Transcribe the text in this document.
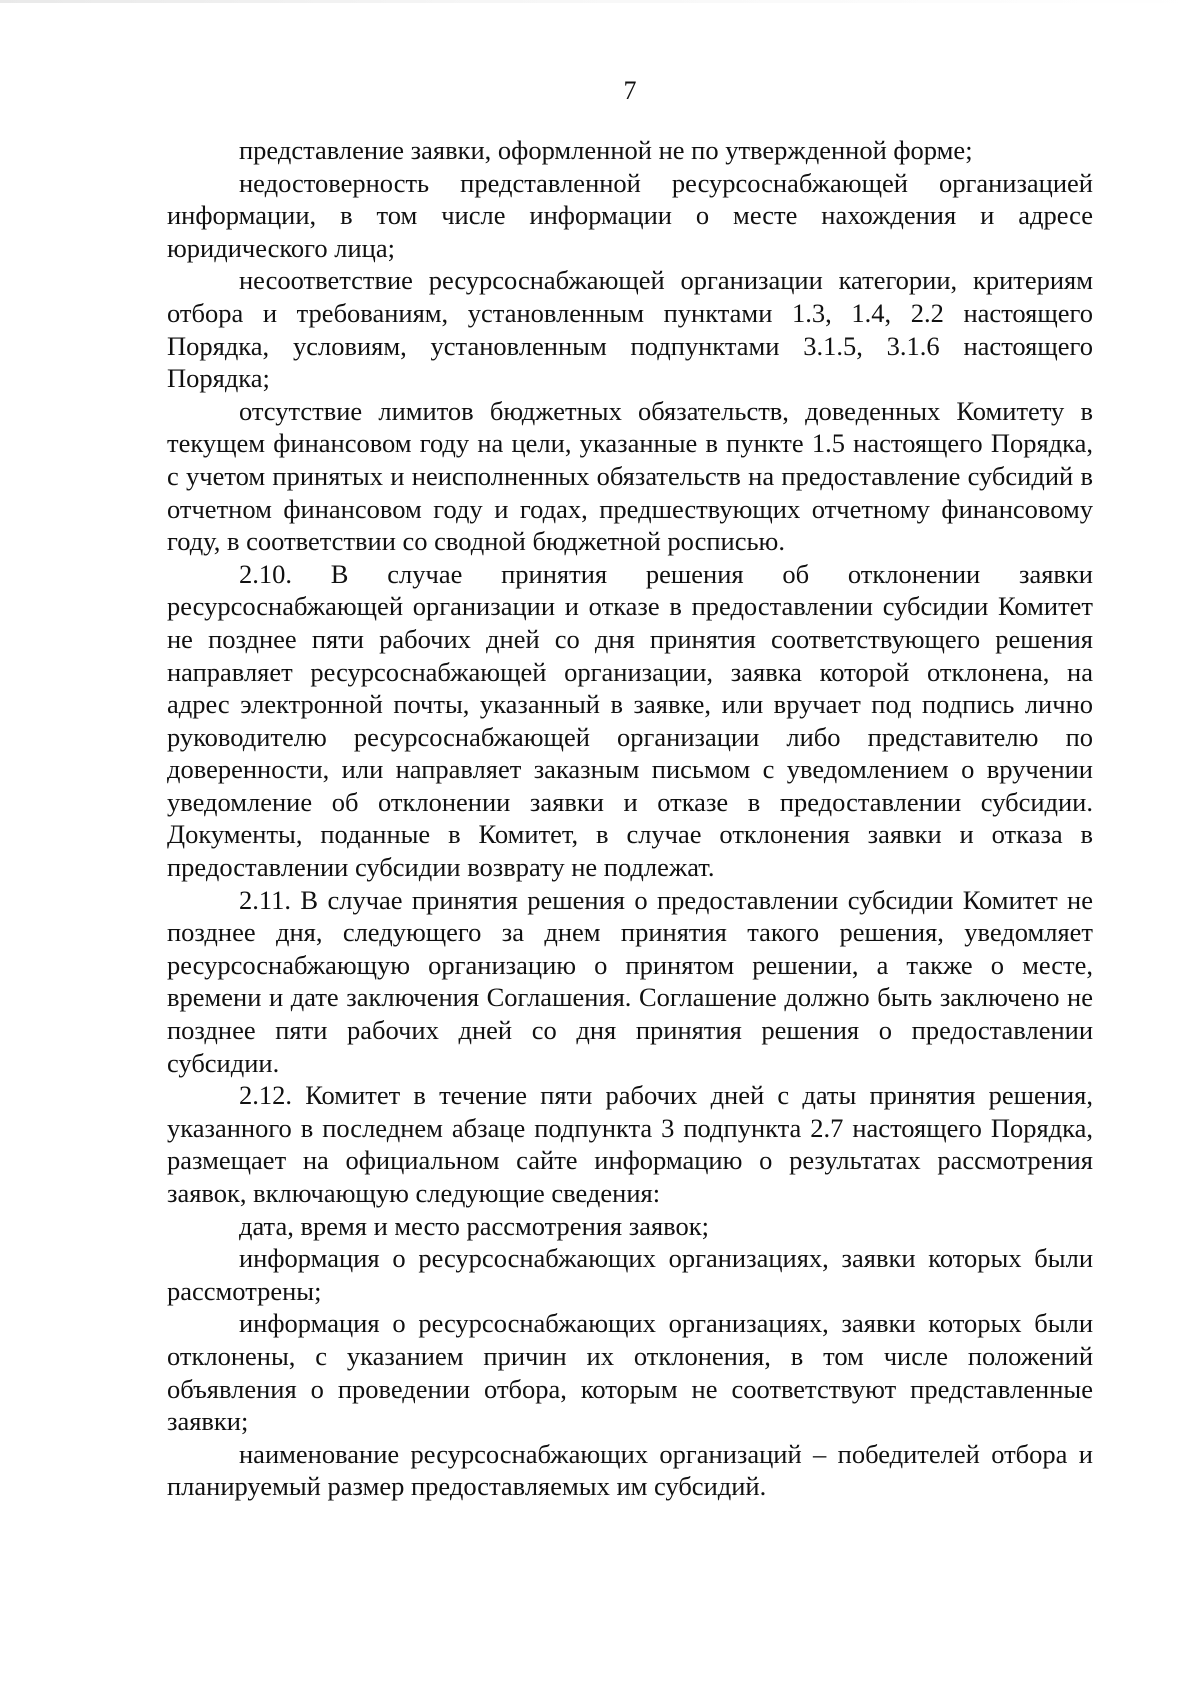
7

представление заявки, оформленной не по утвержденной форме;

недостоверность представленной ресурсоснабжающей организацией информации, в том числе информации о месте нахождения и адресе юридического лица;

несоответствие ресурсоснабжающей организации категории, критериям отбора и требованиям, установленным пунктами 1.3, 1.4, 2.2 настоящего Порядка, условиям, установленным подпунктами 3.1.5, 3.1.6 настоящего Порядка;

отсутствие лимитов бюджетных обязательств, доведенных Комитету в текущем финансовом году на цели, указанные в пункте 1.5 настоящего Порядка, с учетом принятых и неисполненных обязательств на предоставление субсидий в отчетном финансовом году и годах, предшествующих отчетному финансовому году, в соответствии со сводной бюджетной росписью.

2.10. В случае принятия решения об отклонении заявки ресурсоснабжающей организации и отказе в предоставлении субсидии Комитет не позднее пяти рабочих дней со дня принятия соответствующего решения направляет ресурсоснабжающей организации, заявка которой отклонена, на адрес электронной почты, указанный в заявке, или вручает под подпись лично руководителю ресурсоснабжающей организации либо представителю по доверенности, или направляет заказным письмом с уведомлением о вручении уведомление об отклонении заявки и отказе в предоставлении субсидии. Документы, поданные в Комитет, в случае отклонения заявки и отказа в предоставлении субсидии возврату не подлежат.

2.11. В случае принятия решения о предоставлении субсидии Комитет не позднее дня, следующего за днем принятия такого решения, уведомляет ресурсоснабжающую организацию о принятом решении, а также о месте, времени и дате заключения Соглашения. Соглашение должно быть заключено не позднее пяти рабочих дней со дня принятия решения о предоставлении субсидии.

2.12. Комитет в течение пяти рабочих дней с даты принятия решения, указанного в последнем абзаце подпункта 3 подпункта 2.7 настоящего Порядка, размещает на официальном сайте информацию о результатах рассмотрения заявок, включающую следующие сведения:

дата, время и место рассмотрения заявок;

информация о ресурсоснабжающих организациях, заявки которых были рассмотрены;

информация о ресурсоснабжающих организациях, заявки которых были отклонены, с указанием причин их отклонения, в том числе положений объявления о проведении отбора, которым не соответствуют представленные заявки;

наименование ресурсоснабжающих организаций – победителей отбора и планируемый размер предоставляемых им субсидий.
